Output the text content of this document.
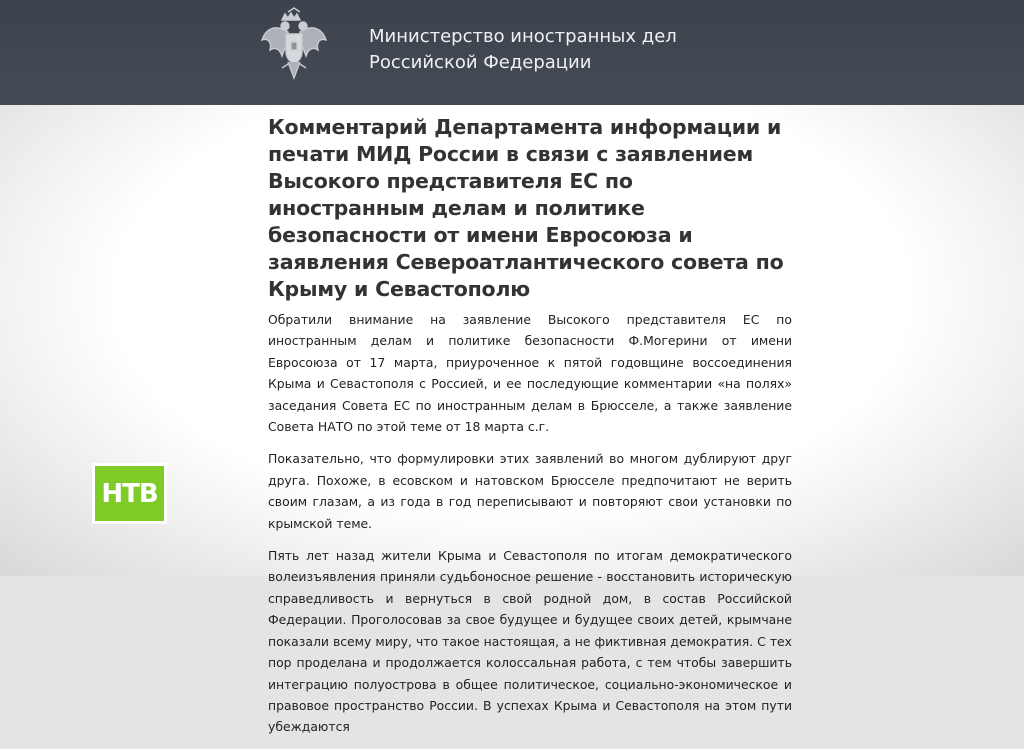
Министерство иностранных дел
Российской Федерации
Комментарий Департамента информации и печати МИД России в связи с заявлением Высокого представителя ЕС по иностранным делам и политике безопасности от имени Евросоюза и заявления Североатлантического совета по Крыму и Севастополю

Обратили внимание на заявление Высокого представителя ЕС по иностранным делам и политике безопасности Ф.Могерини от имени Евросоюза от 17 марта, приуроченное к пятой годовщине воссоединения Крыма и Севастополя с Россией, и ее последующие комментарии «на полях» заседания Совета ЕС по иностранным делам в Брюсселе, а также заявление Совета НАТО по этой теме от 18 марта с.г.

Показательно, что формулировки этих заявлений во многом дублируют друг друга. Похоже, в есовском и натовском Брюсселе предпочитают не верить своим глазам, а из года в год переписывают и повторяют свои установки по крымской теме.

Пять лет назад жители Крыма и Севастополя по итогам демократического волеизъявления приняли судьбоносное решение - восстановить историческую справедливость и вернуться в свой родной дом, в состав Российской Федерации. Проголосовав за свое будущее и будущее своих детей, крымчане показали всему миру, что такое настоящая, а не фиктивная демократия. С тех пор проделана и продолжается колоссальная работа, с тем чтобы завершить интеграцию полуострова в общее политическое, социально-экономическое и правовое пространство России. В успехах Крыма и Севастополя на этом пути убеждаются

НТВ
